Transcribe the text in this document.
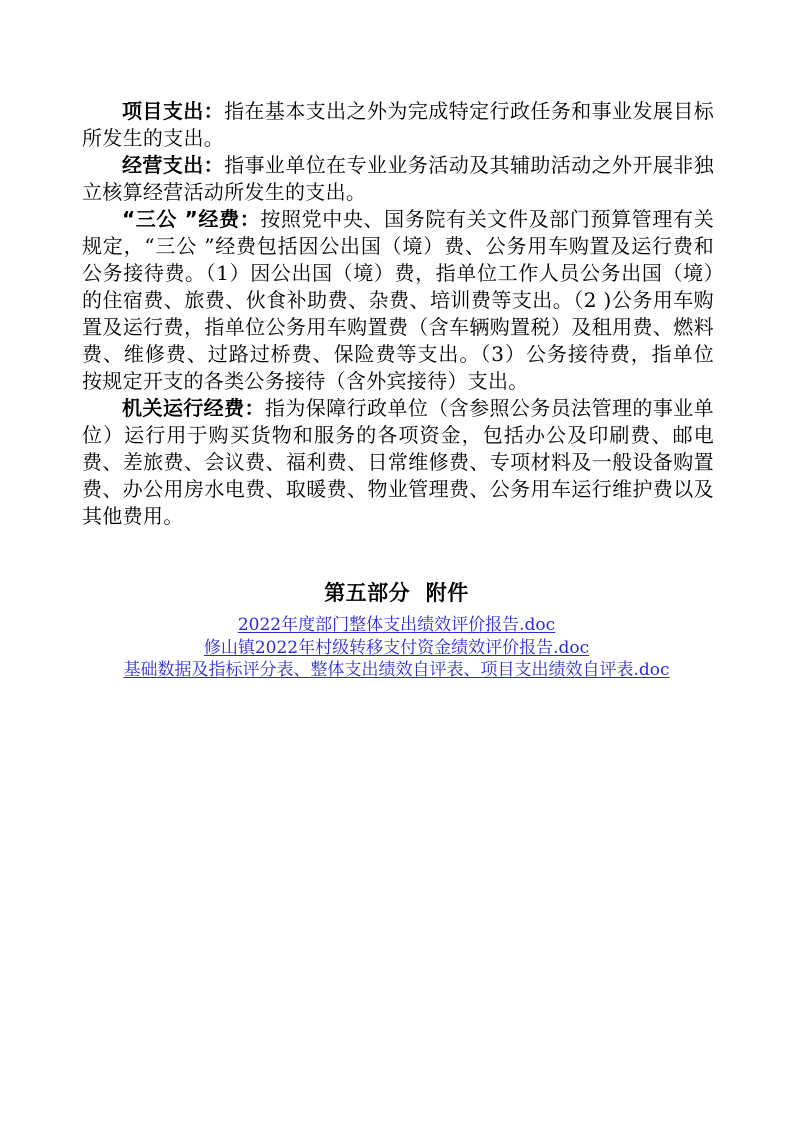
项目支出：指在基本支出之外为完成特定行政任务和事业发展目标所发生的支出。

经营支出：指事业单位在专业业务活动及其辅助活动之外开展非独立核算经营活动所发生的支出。

“三公 ”经费：按照党中央、国务院有关文件及部门预算管理有关规定，“三公 ”经费包括因公出国（境）费、公务用车购置及运行费和公务接待费。（1）因公出国（境）费，指单位工作人员公务出国（境）的住宿费、旅费、伙食补助费、杂费、培训费等支出。（2 )公务用车购置及运行费，指单位公务用车购置费（含车辆购置税）及租用费、燃料费、维修费、过路过桥费、保险费等支出。（3）公务接待费，指单位按规定开支的各类公务接待（含外宾接待）支出。

机关运行经费：指为保障行政单位（含参照公务员法管理的事业单位）运行用于购买货物和服务的各项资金，包括办公及印刷费、邮电费、差旅费、会议费、福利费、日常维修费、专项材料及一般设备购置费、办公用房水电费、取暖费、物业管理费、公务用车运行维护费以及其他费用。

第五部分  附件
2022年度部门整体支出绩效评价报告.doc
修山镇2022年村级转移支付资金绩效评价报告.doc
基础数据及指标评分表、整体支出绩效自评表、项目支出绩效自评表.doc
